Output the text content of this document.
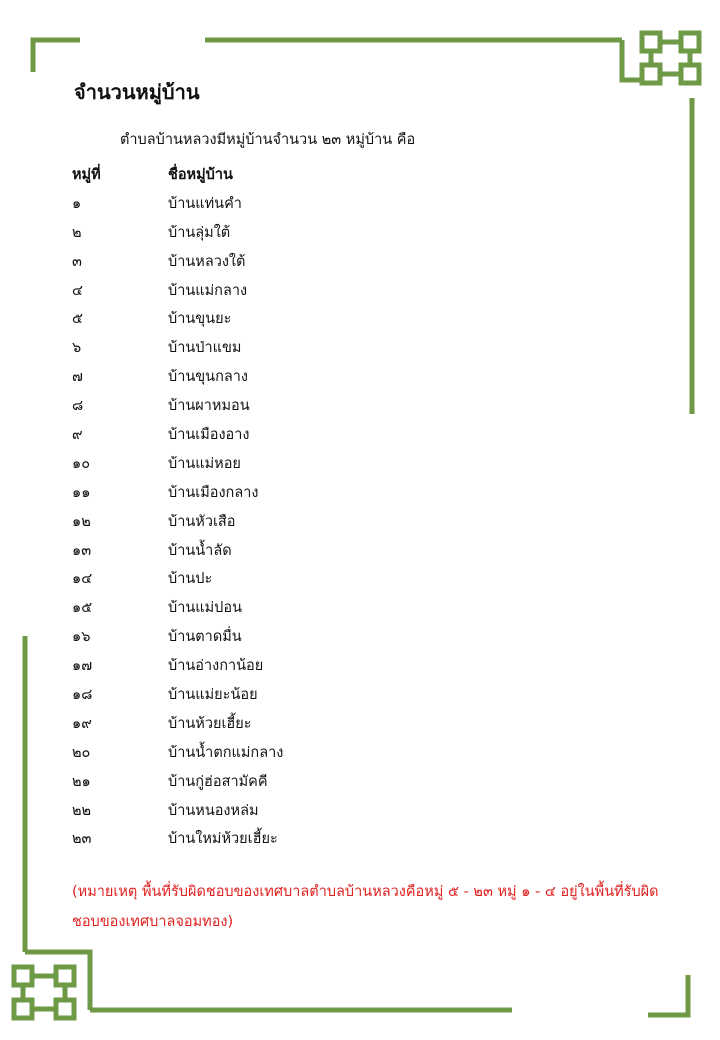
จำนวนหมู่บ้าน
ตำบลบ้านหลวงมีหมู่บ้านจำนวน ๒๓ หมู่บ้าน คือ
หมู่ที่	ชื่อหมู่บ้าน
๑	บ้านแท่นคำ
๒	บ้านลุ่มใต้
๓	บ้านหลวงใต้
๔	บ้านแม่กลาง
๕	บ้านขุนยะ
๖	บ้านป่าแขม
๗	บ้านขุนกลาง
๘	บ้านผาหมอน
๙	บ้านเมืองอาง
๑๐	บ้านแม่หอย
๑๑	บ้านเมืองกลาง
๑๒	บ้านหัวเสือ
๑๓	บ้านน้ำลัด
๑๔	บ้านปะ
๑๕	บ้านแม่ปอน
๑๖	บ้านตาดมื่น
๑๗	บ้านอ่างกาน้อย
๑๘	บ้านแม่ยะน้อย
๑๙	บ้านห้วยเฮี้ยะ
๒๐	บ้านน้ำตกแม่กลาง
๒๑	บ้านกู่ฮ่อสามัคคี
๒๒	บ้านหนองหล่ม
๒๓	บ้านใหม่ห้วยเฮี้ยะ
(หมายเหตุ พื้นที่รับผิดชอบของเทศบาลตำบลบ้านหลวงคือหมู่ ๕ - ๒๓ หมู่ ๑ - ๔ อยู่ในพื้นที่รับผิดชอบของเทศบาลจอมทอง)
